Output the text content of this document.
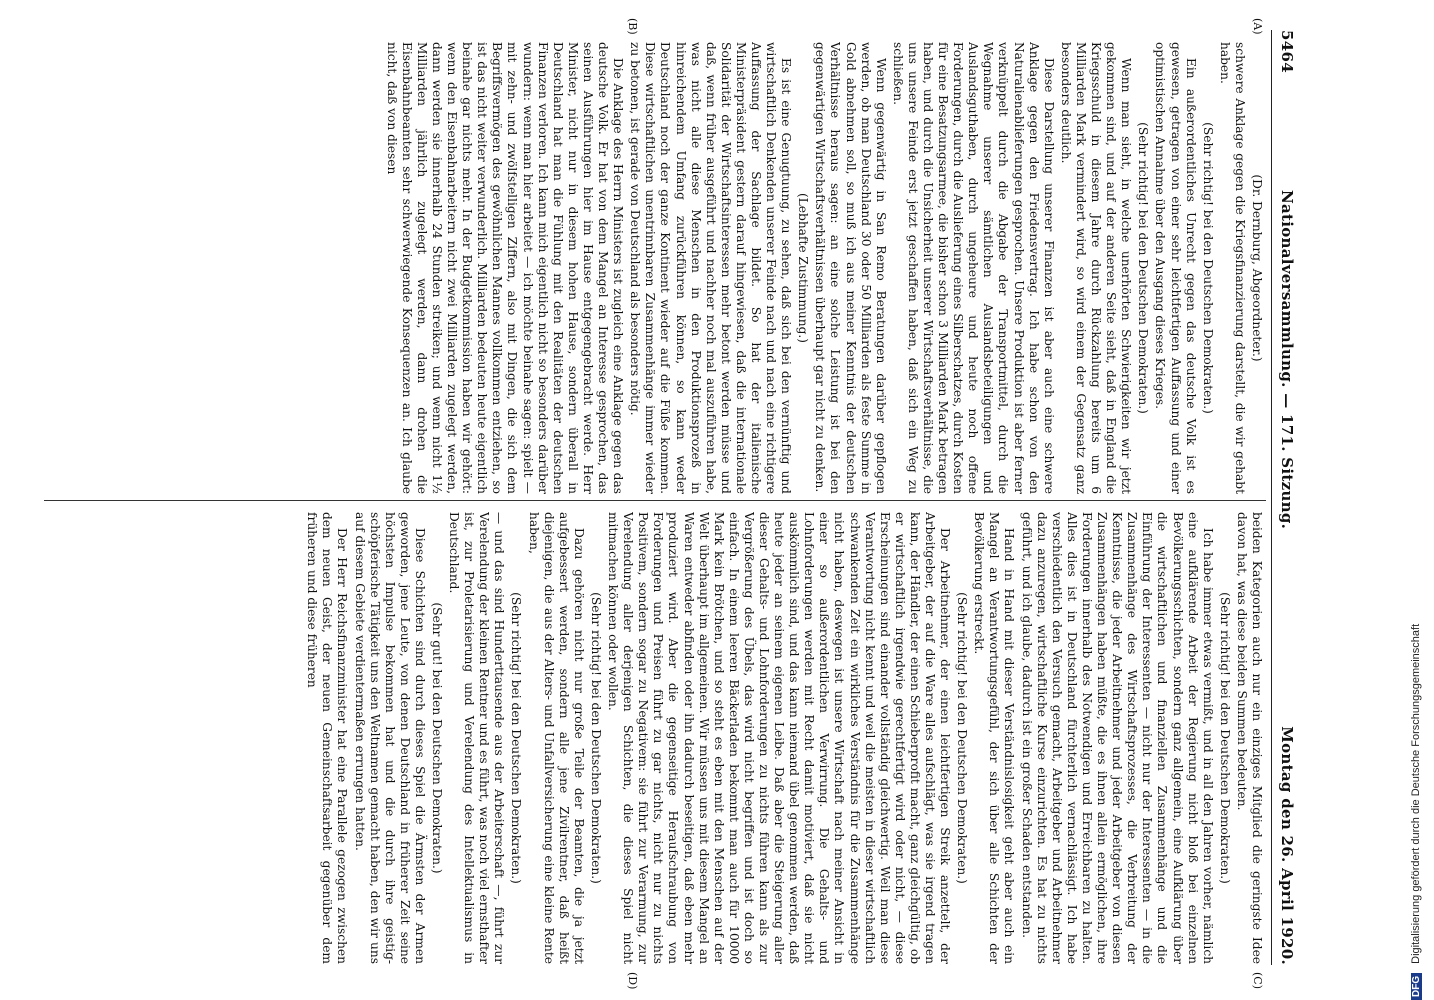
5464
Nationalversammlung. — 171. Sitzung.
Montag den 26. April 1920.
(A)
(B)
(C)
(D)

(Dr. Dernburg, Abgeordneter.)

schwere Anklage gegen die Kriegsfinanzierung darstellt, die wir gehabt haben.

(Sehr richtig! bei den Deutschen Demokraten.)

Ein außerordentliches Unrecht gegen das deutsche Volk ist es gewesen, getragen von einer sehr leichtfertigen Auffassung und einer optimistischen Annahme über den Ausgang dieses Krieges.

(Sehr richtig! bei den Deutschen Demokraten.)

Wenn man sieht, in welche unerhörten Schwierigkeiten wir jetzt gekommen sind, und auf der anderen Seite sieht, daß in England die Kriegsschuld in diesem Jahre durch Rückzahlung bereits um 6 Milliarden Mark vermindert wird, so wird einem der Gegensatz ganz besonders deutlich.

Diese Darstellung unserer Finanzen ist aber auch eine schwere Anklage gegen den Friedensvertrag. Ich habe schon von den Naturalienablieferungen gesprochen. Unsere Produktion ist aber ferner verknüppelt durch die Abgabe der Transportmittel, durch die Wegnahme unserer sämtlichen Auslandsbeteiligungen und Auslandsguthaben, durch ungeheure und heute noch offene Forderungen, durch die Auslieferung eines Silberschatzes, durch Kosten für eine Besatzungsarmee, die bisher schon 3 Milliarden Mark betragen haben, und durch die Unsicherheit unserer Wirtschaftsverhältnisse, die uns unsere Feinde erst jetzt geschaffen haben, daß sich ein Weg zu schließen.

Wenn gegenwärtig in San Remo Beratungen darüber gepflogen werden, ob man Deutschland 30 oder 50 Milliarden als feste Summe in Gold abnehmen soll, so muß ich aus meiner Kenntnis der deutschen Verhältnisse heraus sagen: an eine solche Leistung ist bei den gegenwärtigen Wirtschaftsverhältnissen überhaupt gar nicht zu denken.

(Lebhafte Zustimmung.)

Es ist eine Genugtuung, zu sehen, daß sich bei den vernünftig und wirtschaftlich Denkenden unserer Feinde nach und nach eine richtigere Auffassung der Sachlage bildet. So hat der italienische Ministerpräsident gestern darauf hingewiesen, daß die internationale Solidarität der Wirtschaftsinteressen mehr betont werden müsse und daß, wenn früher ausgeführt und nachher noch mal auszuführen habe, was nicht alle diese Menschen in den Produktionsprozeß in hinreichendem Umfang zurückführen können, so kann weder Deutschland noch der ganze Kontinent wieder auf die Füße kommen. Diese wirtschaftlichen unentrinnbaren Zusammenhänge immer wieder zu betonen, ist gerade von Deutschland als besonders nötig.

Die Anklage des Herrn Ministers ist zugleich eine Anklage gegen das deutsche Volk. Er hat von dem Mangel an Interesse gesprochen, das seinen Ausführungen hier im Hause entgegengebracht werde. Herr Minister, nicht nur in diesem hohen Hause, sondern überall in Deutschland hat man die Fühlung mit den Realitäten der deutschen Finanzen verloren. Ich kann mich eigentlich nicht so besonders darüber wundern: wenn man hier arbeitet — ich möchte beinahe sagen: spielt — mit zehn- und zwölfstelligen Ziffern, also mit Dingen, die sich dem Begriffsvermögen des gewöhnlichen Mannes vollkommen entziehen, so ist das nicht weiter verwunderlich. Milliarden bedeuten heute eigentlich beinahe gar nichts mehr. In der Budgetkommission haben wir gehört: wenn den Eisenbahnarbeitern nicht zwei Milliarden zugelegt werden, dann werden sie innerhalb 24 Stunden streiken; und wenn nicht 1½ Milliarden jährlich zugelegt werden, dann drohen die Eisenbahnbeamten sehr schwerwiegende Konsequenzen an. Ich glaube nicht, daß von diesen

beiden Kategorien auch nur ein einziges Mitglied die geringste Idee davon hat, was diese beiden Summen bedeuten.

(Sehr richtig! bei den Deutschen Demokraten.)

Ich habe immer etwas vermißt, und in all den Jahren vorher, nämlich eine aufklärende Arbeit der Regierung nicht bloß bei einzelnen Bevölkerungsschichten, sondern ganz allgemein, eine Aufklärung über die wirtschaftlichen und finanziellen Zusammenhänge und die Einführung der Interessenten — nicht nur der Interessenten — in die Zusammenhänge des Wirtschaftsprozesses, die Verbreitung der Kenntnisse, die jeder Arbeitnehmer und jeder Arbeitgeber von diesen Zusammenhängen haben müßte, die es ihnen allein ermöglichen, ihre Forderungen innerhalb des Notwendigen und Erreichbaren zu halten. Alles dies ist in Deutschland fürchterlich vernachlässigt. Ich habe verschiedentlich den Versuch gemacht, Arbeitgeber und Arbeitnehmer dazu anzuregen, wirtschaftliche Kurse einzurichten. Es hat zu nichts geführt, und ich glaube, dadurch ist ein großer Schaden entstanden.

Hand in Hand mit dieser Verständnislosigkeit geht aber auch ein Mangel an Verantwortungsgefühl, der sich über alle Schichten der Bevölkerung erstreckt.

(Sehr richtig! bei den Deutschen Demokraten.)

Der Arbeitnehmer, der einen leichtfertigen Streik anzettelt, der Arbeitgeber, der auf die Ware alles aufschlägt, was sie irgend tragen kann, der Händler, der einen Schieberprofit macht, ganz gleichgültig, ob er wirtschaftlich irgendwie gerechtfertigt wird oder nicht, — diese Erscheinungen sind einander vollständig gleichwertig. Weil man diese Verantwortung nicht kennt und weil die meisten in dieser wirtschaftlich schwankenden Zeit ein wirkliches Verständnis für die Zusammenhänge nicht haben, deswegen ist unsere Wirtschaft nach meiner Ansicht in einer so außerordentlichen Verwirrung. Die Gehalts- und Lohnforderungen werden mit Recht damit motiviert, daß sie nicht auskömmlich sind, und das kann niemand übel genommen werden, daß heute jeder an seinem eigenen Leibe. Daß aber die Steigerung aller dieser Gehalts- und Lohnforderungen zu nichts führen kann als zur Vergrößerung des Übels, das wird nicht begriffen und ist doch so einfach. In einem leeren Bäckerladen bekommt man auch für 10000 Mark kein Brötchen, und so steht es eben mit den Menschen auf der Welt überhaupt im allgemeinen. Wir müssen uns mit diesem Mangel an Waren entweder abfinden oder ihn dadurch beseitigen, daß eben mehr produziert wird. Aber die gegenseitige Heraufschraubung von Forderungen und Preisen führt zu gar nichts, nicht nur zu nichts Positivem, sondern sogar zu Negativem: sie führt zur Verarmung, zur Verelendung aller derjenigen Schichten, die dieses Spiel nicht mitmachen können oder wollen.

(Sehr richtig! bei den Deutschen Demokraten.)

Dazu gehören nicht nur große Teile der Beamten, die ja jetzt aufgebessert werden, sondern alle jene Zivilrentner, daß heißt diejenigen, die aus der Alters- und Unfallversicherung eine kleine Rente haben,

(Sehr richtig! bei den Deutschen Demokraten.)

— und das sind Hunderttausende aus der Arbeiterschaft —, führt zur Verelendung der kleinen Rentner und es führt, was noch viel ernsthafter ist, zur Proletarisierung und Verelendung des Intellektualismus in Deutschland.

(Sehr gut! bei den Deutschen Demokraten.)

Diese Schichten sind durch dieses Spiel die Ärmsten der Armen geworden, jene Leute, von denen Deutschland in früherer Zeit seine höchsten Impulse bekommen hat und die durch ihre geistig-schöpferische Tätigkeit uns den Weltnamen gemacht haben, den wir uns auf diesem Gebiete verdientermaßen errungen hatten.

Der Herr Reichsfinanzminister hat eine Parallele gezogen zwischen dem neuen Geist, der neuen Gemeinschaftsarbeit gegenüber dem früheren und diese früheren

DFG Digitalisierung gefördert durch die Deutsche Forschungsgemeinschaft
